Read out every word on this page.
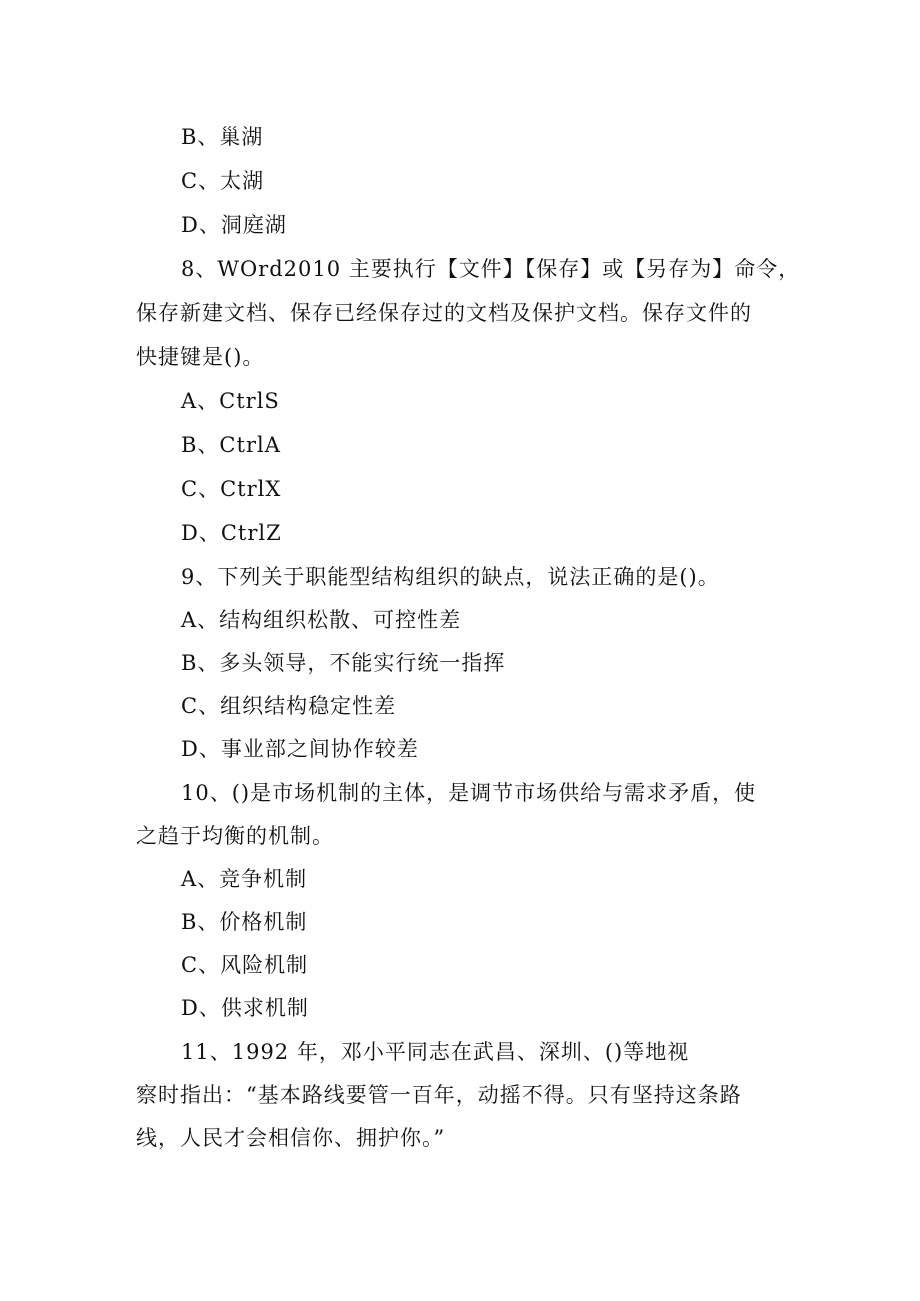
B、巢湖
C、太湖
D、洞庭湖
8、WOrd2010 主要执行【文件】【保存】或【另存为】命令，
保存新建文档、保存已经保存过的文档及保护文档。保存文件的
快捷键是()。
A、CtrlS
B、CtrlA
C、CtrlX
D、CtrlZ
9、下列关于职能型结构组织的缺点，说法正确的是()。
A、结构组织松散、可控性差
B、多头领导，不能实行统一指挥
C、组织结构稳定性差
D、事业部之间协作较差
10、()是市场机制的主体，是调节市场供给与需求矛盾，使
之趋于均衡的机制。
A、竞争机制
B、价格机制
C、风险机制
D、供求机制
11、1992 年，邓小平同志在武昌、深圳、()等地视
察时指出：“基本路线要管一百年，动摇不得。只有坚持这条路
线，人民才会相信你、拥护你。”
